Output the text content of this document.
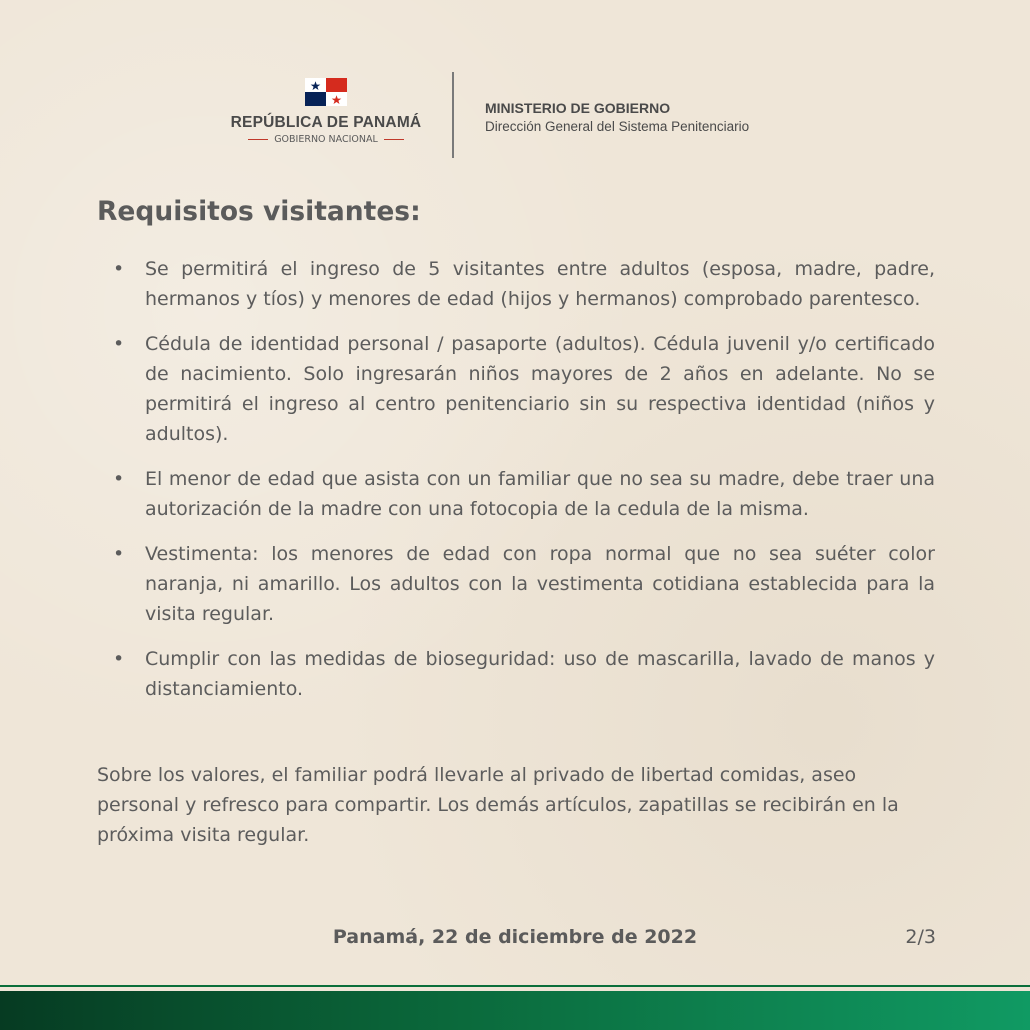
REPÚBLICA DE PANAMÁ
GOBIERNO NACIONAL
MINISTERIO DE GOBIERNO
Dirección General del Sistema Penitenciario
Requisitos visitantes:
• Se permitirá el ingreso de 5 visitantes entre adultos (esposa, madre, padre, hermanos y tíos) y menores de edad (hijos y hermanos) comprobado parentesco.
• Cédula de identidad personal / pasaporte (adultos). Cédula juvenil y/o certificado de nacimiento. Solo ingresarán niños mayores de 2 años en adelante. No se permitirá el ingreso al centro penitenciario sin su respectiva identidad (niños y adultos).
• El menor de edad que asista con un familiar que no sea su madre, debe traer una autorización de la madre con una fotocopia de la cedula de la misma.
• Vestimenta: los menores de edad con ropa normal que no sea suéter color naranja, ni amarillo. Los adultos con la vestimenta cotidiana establecida para la visita regular.
• Cumplir con las medidas de bioseguridad: uso de mascarilla, lavado de manos y distanciamiento.

Sobre los valores, el familiar podrá llevarle al privado de libertad comidas, aseo personal y refresco para compartir. Los demás artículos, zapatillas se recibirán en la próxima visita regular.

Panamá, 22 de diciembre de 2022	2/3
